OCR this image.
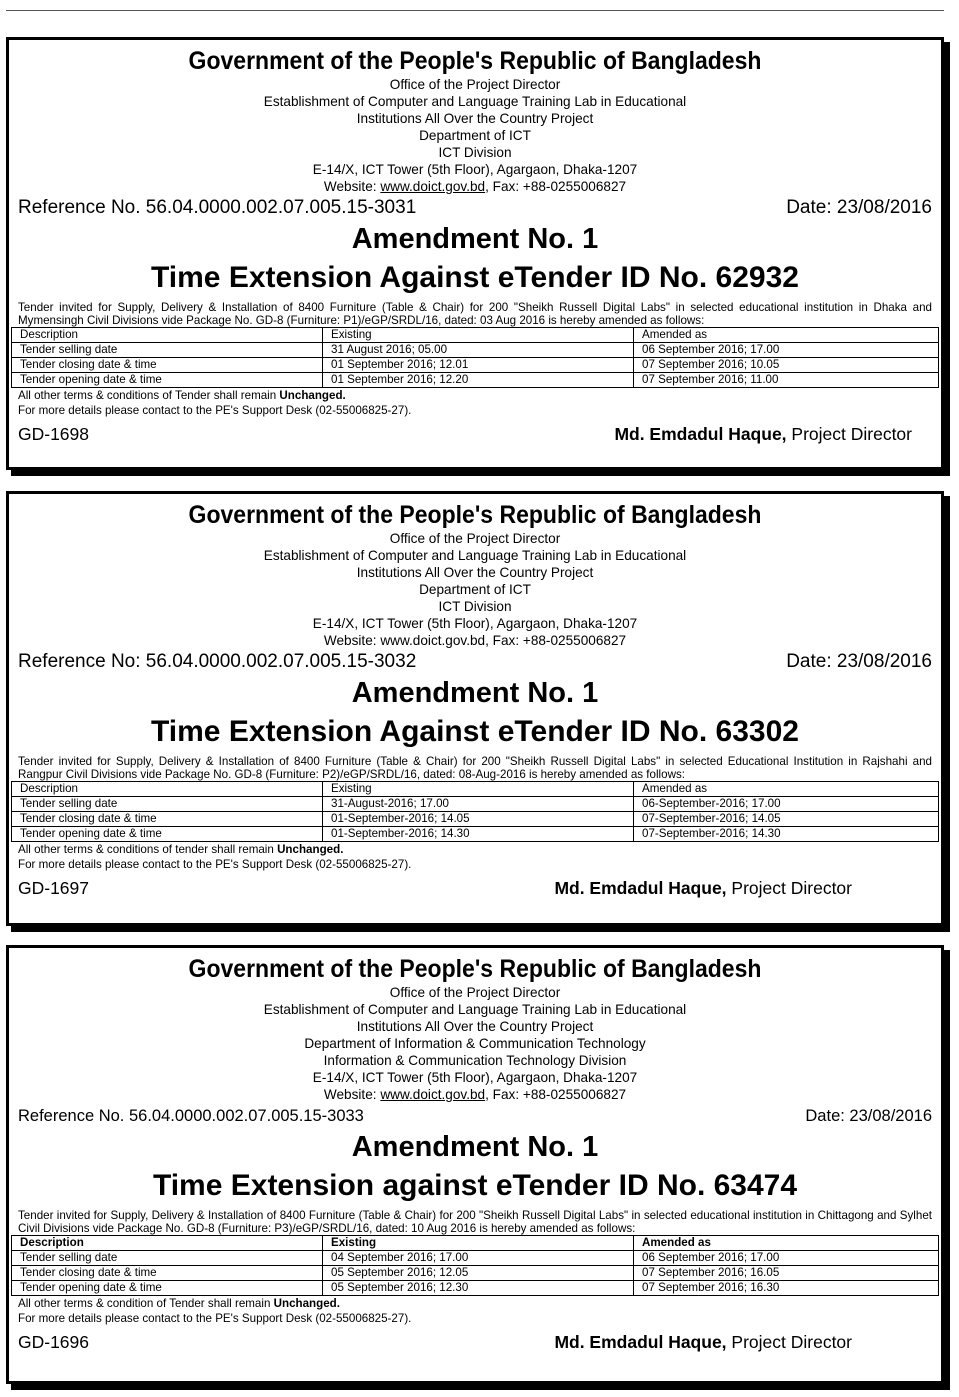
Government of the People's Republic of Bangladesh
Office of the Project Director
Establishment of Computer and Language Training Lab in Educational
Institutions All Over the Country Project
Department of ICT
ICT Division
E-14/X, ICT Tower (5th Floor), Agargaon, Dhaka-1207
Website: www.doict.gov.bd, Fax: +88-0255006827
Reference No. 56.04.0000.002.07.005.15-3031	Date: 23/08/2016
Amendment No. 1
Time Extension Against eTender ID No. 62932
Tender invited for Supply, Delivery & Installation of 8400 Furniture (Table & Chair) for 200 "Sheikh Russell Digital Labs" in selected educational institution in Dhaka and Mymensingh Civil Divisions vide Package No. GD-8 (Furniture: P1)/eGP/SRDL/16, dated: 03 Aug 2016 is hereby amended as follows:
Description	Existing	Amended as
Tender selling date	31 August 2016; 05.00	06 September 2016; 17.00
Tender closing date & time	01 September 2016; 12.01	07 September 2016; 10.05
Tender opening date & time	01 September 2016; 12.20	07 September 2016; 11.00
All other terms & conditions of Tender shall remain Unchanged.
For more details please contact to the PE's Support Desk (02-55006825-27).
GD-1698	Md. Emdadul Haque, Project Director
Government of the People's Republic of Bangladesh
Office of the Project Director
Establishment of Computer and Language Training Lab in Educational
Institutions All Over the Country Project
Department of ICT
ICT Division
E-14/X, ICT Tower (5th Floor), Agargaon, Dhaka-1207
Website: www.doict.gov.bd, Fax: +88-0255006827
Reference No: 56.04.0000.002.07.005.15-3032	Date: 23/08/2016
Amendment No. 1
Time Extension Against eTender ID No. 63302
Tender invited for Supply, Delivery & Installation of 8400 Furniture (Table & Chair) for 200 "Sheikh Russell Digital Labs" in selected Educational Institution in Rajshahi and Rangpur Civil Divisions vide Package No. GD-8 (Furniture: P2)/eGP/SRDL/16, dated: 08-Aug-2016 is hereby amended as follows:
Description	Existing	Amended as
Tender selling date	31-August-2016; 17.00	06-September-2016; 17.00
Tender closing date & time	01-September-2016; 14.05	07-September-2016; 14.05
Tender opening date & time	01-September-2016; 14.30	07-September-2016; 14.30
All other terms & conditions of tender shall remain Unchanged.
For more details please contact to the PE's Support Desk (02-55006825-27).
GD-1697	Md. Emdadul Haque, Project Director
Government of the People's Republic of Bangladesh
Office of the Project Director
Establishment of Computer and Language Training Lab in Educational
Institutions All Over the Country Project
Department of Information & Communication Technology
Information & Communication Technology Division
E-14/X, ICT Tower (5th Floor), Agargaon, Dhaka-1207
Website: www.doict.gov.bd, Fax: +88-0255006827
Reference No. 56.04.0000.002.07.005.15-3033	Date: 23/08/2016
Amendment No. 1
Time Extension against eTender ID No. 63474
Tender invited for Supply, Delivery & Installation of 8400 Furniture (Table & Chair) for 200 "Sheikh Russell Digital Labs" in selected educational institution in Chittagong and Sylhet Civil Divisions vide Package No. GD-8 (Furniture: P3)/eGP/SRDL/16, dated: 10 Aug 2016 is hereby amended as follows:
Description	Existing	Amended as
Tender selling date	04 September 2016; 17.00	06 September 2016; 17.00
Tender closing date & time	05 September 2016; 12.05	07 September 2016; 16.05
Tender opening date & time	05 September 2016; 12.30	07 September 2016; 16.30
All other terms & condition of Tender shall remain Unchanged.
For more details please contact to the PE's Support Desk (02-55006825-27).
GD-1696	Md. Emdadul Haque, Project Director
